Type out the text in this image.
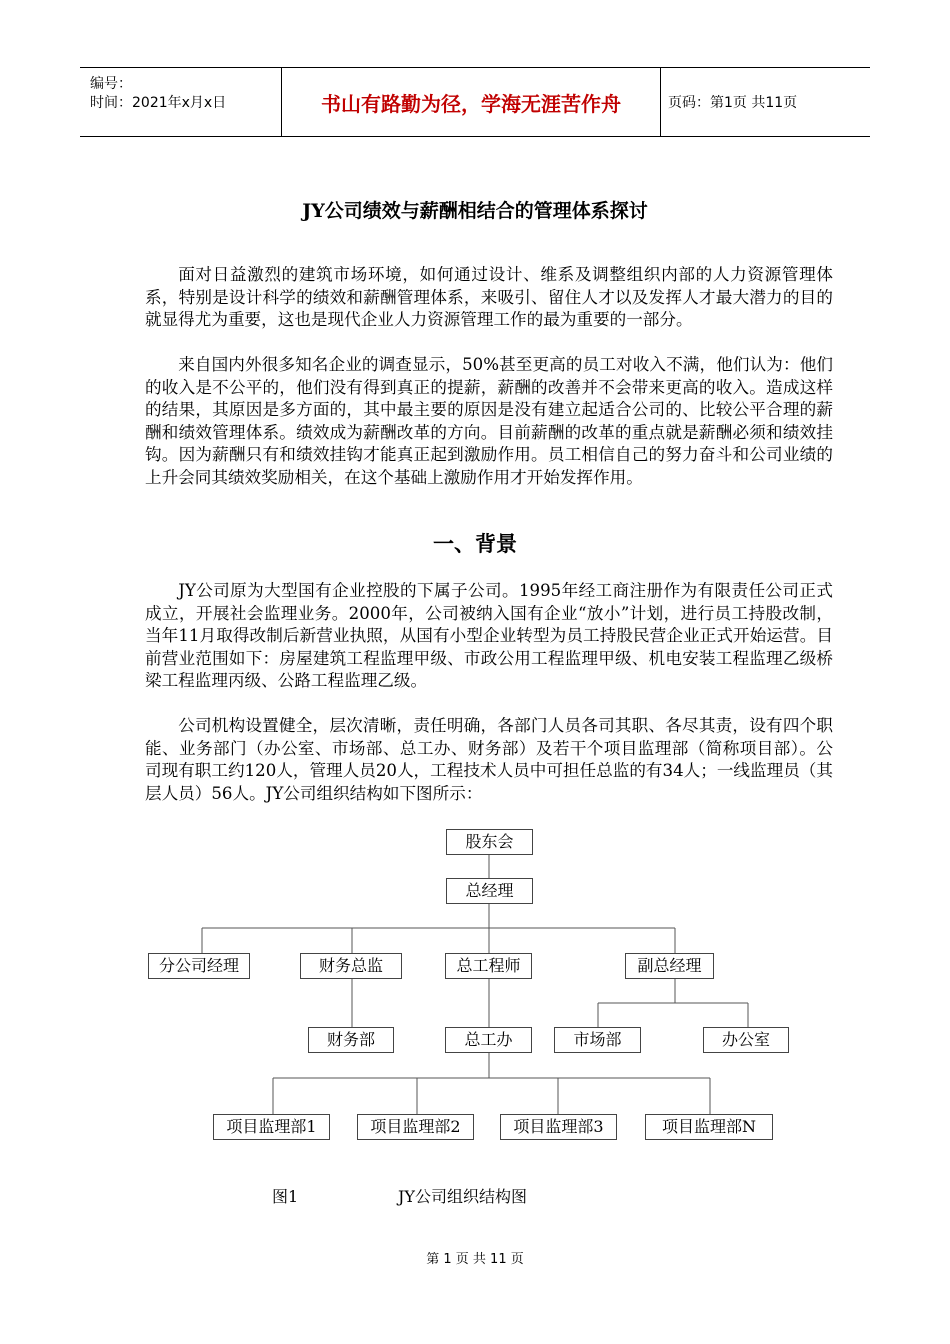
编号：
时间：2021年x月x日	书山有路勤为径，学海无涯苦作舟	页码：第1页 共11页
JY公司绩效与薪酬相结合的管理体系探讨

面对日益激烈的建筑市场环境，如何通过设计、维系及调整组织内部的人力资源管理体系，特别是设计科学的绩效和薪酬管理体系，来吸引、留住人才以及发挥人才最大潜力的目的就显得尤为重要，这也是现代企业人力资源管理工作的最为重要的一部分。

来自国内外很多知名企业的调查显示，50%甚至更高的员工对收入不满，他们认为：他们的收入是不公平的，他们没有得到真正的提薪，薪酬的改善并不会带来更高的收入。造成这样的结果，其原因是多方面的，其中最主要的原因是没有建立起适合公司的、比较公平合理的薪酬和绩效管理体系。绩效成为薪酬改革的方向。目前薪酬的改革的重点就是薪酬必须和绩效挂钩。因为薪酬只有和绩效挂钩才能真正起到激励作用。员工相信自己的努力奋斗和公司业绩的上升会同其绩效奖励相关，在这个基础上激励作用才开始发挥作用。

一、背景

JY公司原为大型国有企业控股的下属子公司。1995年经工商注册作为有限责任公司正式成立，开展社会监理业务。2000年，公司被纳入国有企业“放小”计划，进行员工持股改制，当年11月取得改制后新营业执照，从国有小型企业转型为员工持股民营企业正式开始运营。目前营业范围如下：房屋建筑工程监理甲级、市政公用工程监理甲级、机电安装工程监理乙级桥梁工程监理丙级、公路工程监理乙级。

公司机构设置健全，层次清晰，责任明确，各部门人员各司其职、各尽其责，设有四个职能、业务部门（办公室、市场部、总工办、财务部）及若干个项目监理部（简称项目部）。公司现有职工约120人，管理人员20人，工程技术人员中可担任总监的有34人；一线监理员（其层人员）56人。JY公司组织结构如下图所示：

股东会
总经理
分公司经理	财务总监	总工程师	副总经理
财务部	总工办	市场部	办公室
项目监理部1	项目监理部2	项目监理部3	项目监理部N
图1	JY公司组织结构图
第 1 页 共 11 页
